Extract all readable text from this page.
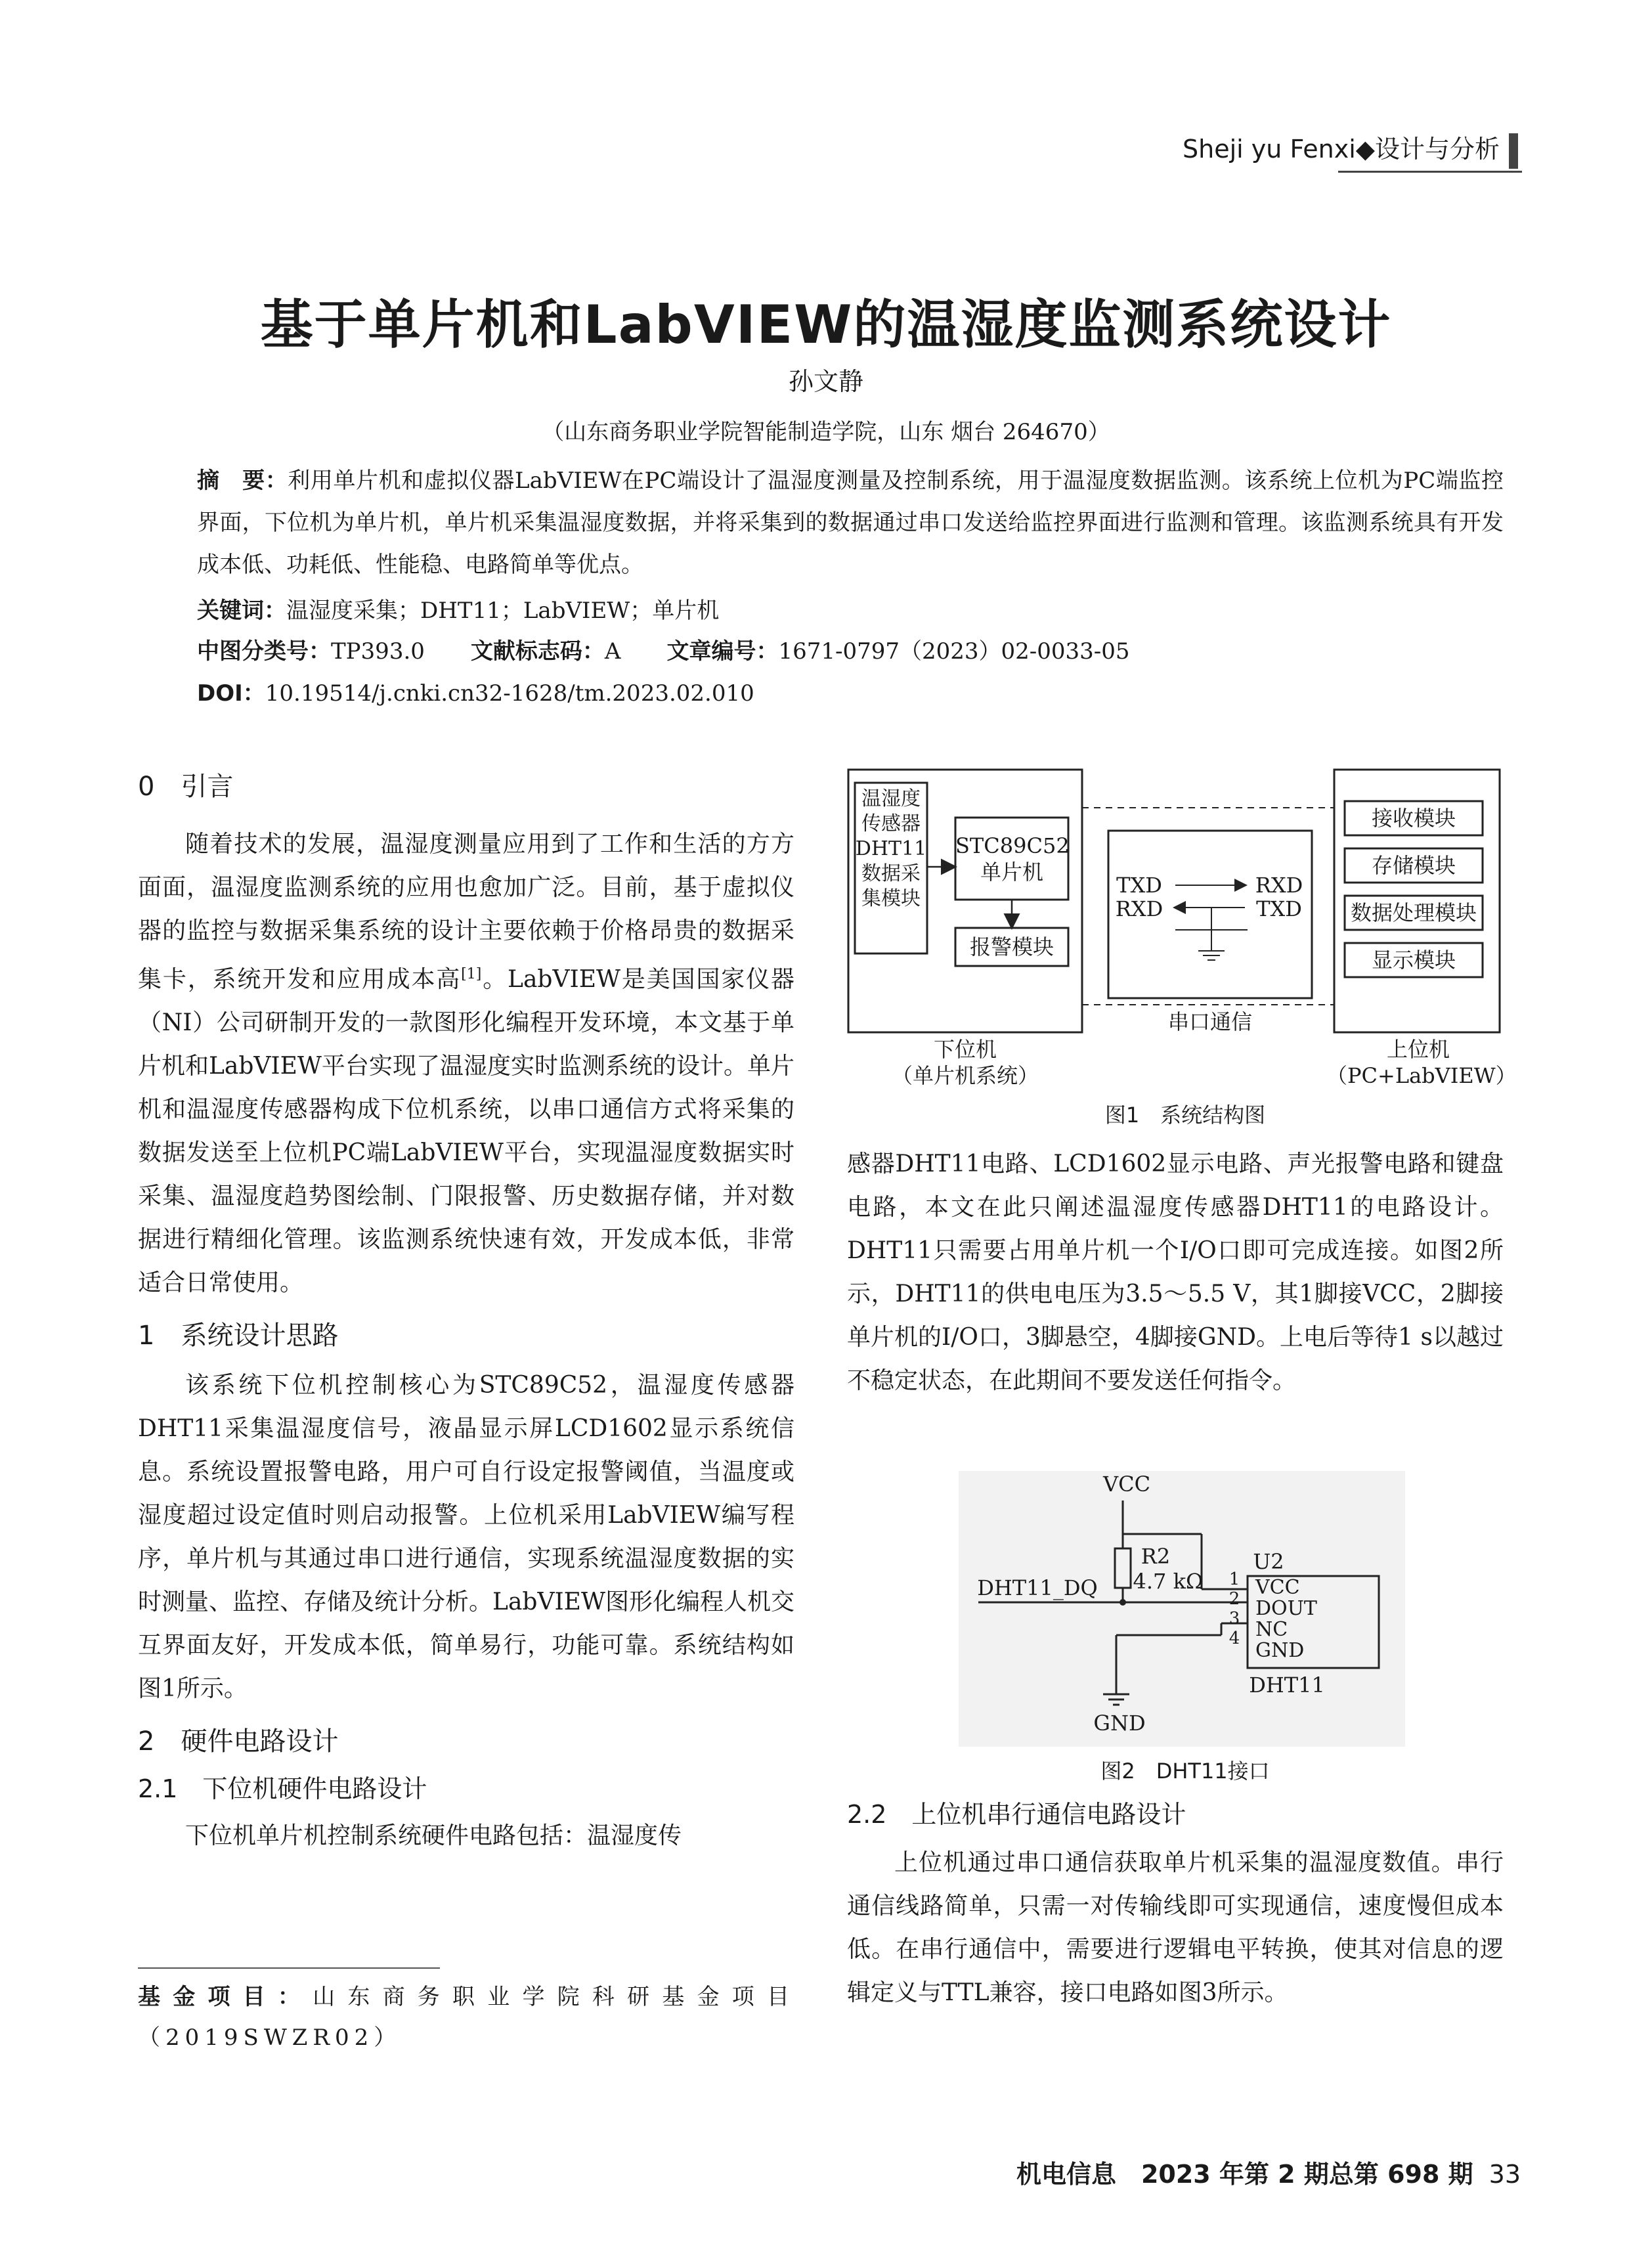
Sheji yu Fenxi◆设计与分析
基于单片机和LabVIEW的温湿度监测系统设计
孙文静
（山东商务职业学院智能制造学院，山东 烟台 264670）
摘　要：利用单片机和虚拟仪器LabVIEW在PC端设计了温湿度测量及控制系统，用于温湿度数据监测。该系统上位机为PC端监控界面，下位机为单片机，单片机采集温湿度数据，并将采集到的数据通过串口发送给监控界面进行监测和管理。该监测系统具有开发成本低、功耗低、性能稳、电路简单等优点。
关键词：温湿度采集；DHT11；LabVIEW；单片机
中图分类号：TP393.0 文献标志码：A 文章编号：1671-0797（2023）02-0033-05
DOI：10.19514/j.cnki.cn32-1628/tm.2023.02.010
0　引言

随着技术的发展，温湿度测量应用到了工作和生活的方方面面，温湿度监测系统的应用也愈加广泛。目前，基于虚拟仪器的监控与数据采集系统的设计主要依赖于价格昂贵的数据采集卡，系统开发和应用成本高[1]。LabVIEW是美国国家仪器（NI）公司研制开发的一款图形化编程开发环境，本文基于单片机和LabVIEW平台实现了温湿度实时监测系统的设计。单片机和温湿度传感器构成下位机系统，以串口通信方式将采集的数据发送至上位机PC端LabVIEW平台，实现温湿度数据实时采集、温湿度趋势图绘制、门限报警、历史数据存储，并对数据进行精细化管理。该监测系统快速有效，开发成本低，非常适合日常使用。

1　系统设计思路

该系统下位机控制核心为STC89C52，温湿度传感器DHT11采集温湿度信号，液晶显示屏LCD1602显示系统信息。系统设置报警电路，用户可自行设定报警阈值，当温度或湿度超过设定值时则启动报警。上位机采用LabVIEW编写程序，单片机与其通过串口进行通信，实现系统温湿度数据的实时测量、监控、存储及统计分析。LabVIEW图形化编程人机交互界面友好，开发成本低，简单易行，功能可靠。系统结构如图1所示。

2　硬件电路设计
2.1　下位机硬件电路设计

下位机单片机控制系统硬件电路包括：温湿度传

基金项目：山东商务职业学院科研基金项目（2019SWZR02）
温湿度
传感器
DHT11
数据采
集模块
STC89C52
单片机
报警模块
TXD
RXD
RXD
TXD
串口通信
接收模块
存储模块
数据处理模块
显示模块
下位机
（单片机系统）
上位机
（PC+LabVIEW）
图1　系统结构图

感器DHT11电路、LCD1602显示电路、声光报警电路和键盘电路，本文在此只阐述温湿度传感器DHT11的电路设计。DHT11只需要占用单片机一个I/O口即可完成连接。如图2所示，DHT11的供电电压为3.5～5.5 V，其1脚接VCC，2脚接单片机的I/O口，3脚悬空，4脚接GND。上电后等待1 s以越过不稳定状态，在此期间不要发送任何指令。

VCC
R2
4.7 kΩ
DHT11_DQ
U2
1
2
3
4
VCC
DOUT
NC
GND
DHT11
GND
图2　DHT11接口
2.2　上位机串行通信电路设计

上位机通过串口通信获取单片机采集的温湿度数值。串行通信线路简单，只需一对传输线即可实现通信，速度慢但成本低。在串行通信中，需要进行逻辑电平转换，使其对信息的逻辑定义与TTL兼容，接口电路如图3所示。

机电信息　2023 年第 2 期总第 698 期 33
